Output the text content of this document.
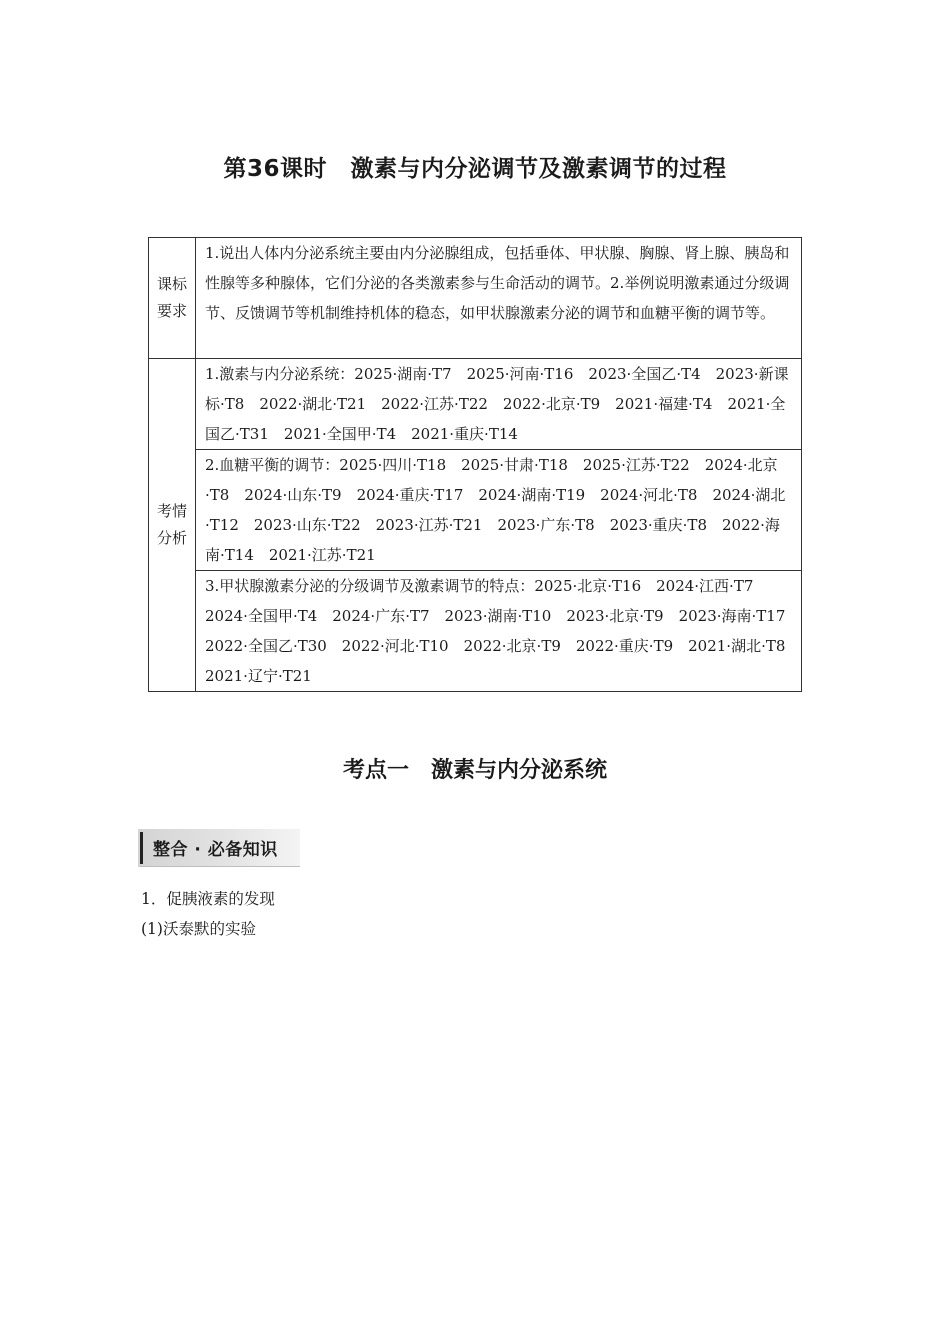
第36课时　激素与内分泌调节及激素调节的过程
课标
要求	1.说出人体内分泌系统主要由内分泌腺组成，包括垂体、甲状腺、胸腺、肾上腺、胰岛和性腺等多种腺体，它们分泌的各类激素参与生命活动的调节。2.举例说明激素通过分级调节、反馈调节等机制维持机体的稳态，如甲状腺激素分泌的调节和血糖平衡的调节等。

考情
分析	1.激素与内分泌系统：2025·湖南·T7　2025·河南·T16　2023·全国乙·T4　2023·新课标·T8　2022·湖北·T21　2022·江苏·T22　2022·北京·T9　2021·福建·T4　2021·全国乙·T31　2021·全国甲·T4　2021·重庆·T14
	2.血糖平衡的调节：2025·四川·T18　2025·甘肃·T18　2025·江苏·T22　2024·北京·T8　2024·山东·T9　2024·重庆·T17　2024·湖南·T19　2024·河北·T8　2024·湖北·T12　2023·山东·T22　2023·江苏·T21　2023·广东·T8　2023·重庆·T8　2022·海南·T14　2021·江苏·T21
	3.甲状腺激素分泌的分级调节及激素调节的特点：2025·北京·T16　2024·江西·T7　2024·全国甲·T4　2024·广东·T7　2023·湖南·T10　2023·北京·T9　2023·海南·T17　2022·全国乙·T30　2022·河北·T10　2022·北京·T9　2022·重庆·T9　2021·湖北·T8　2021·辽宁·T21
考点一　激素与内分泌系统
整合 · 必备知识
1．促胰液素的发现
(1)沃泰默的实验
